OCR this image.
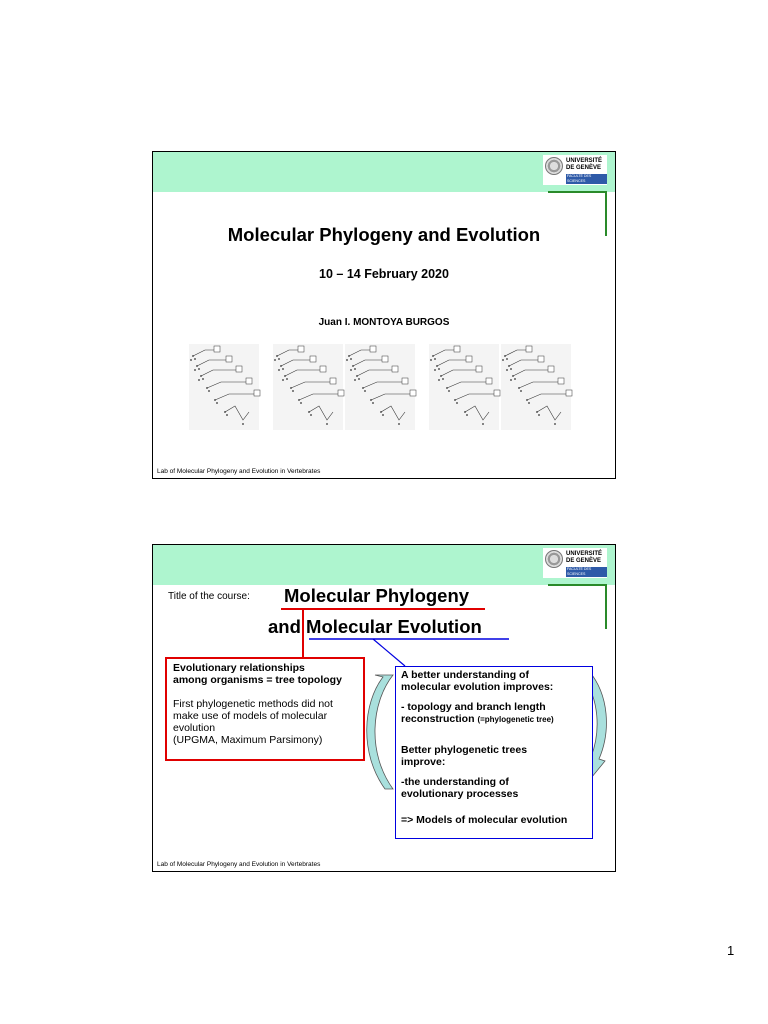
UNIVERSITÉ
DE GENÈVE
FACULTÉ DES SCIENCES
Molecular Phylogeny and Evolution
10 – 14 February 2020
Juan I. MONTOYA BURGOS
Lab of Molecular Phylogeny and Evolution in Vertebrates
UNIVERSITÉ
DE GENÈVE
FACULTÉ DES SCIENCES
Title of the course: Molecular Phylogeny
and Molecular Evolution
Evolutionary relationships
among organisms = tree topology
First phylogenetic methods did not
make use of models of molecular
evolution
(UPGMA, Maximum Parsimony)
A better understanding of
molecular evolution improves:
- topology and branch length
reconstruction (=phylogenetic tree)
Better phylogenetic trees
improve:
-the understanding of
evolutionary processes
=> Models of molecular evolution
Lab of Molecular Phylogeny and Evolution in Vertebrates
1
